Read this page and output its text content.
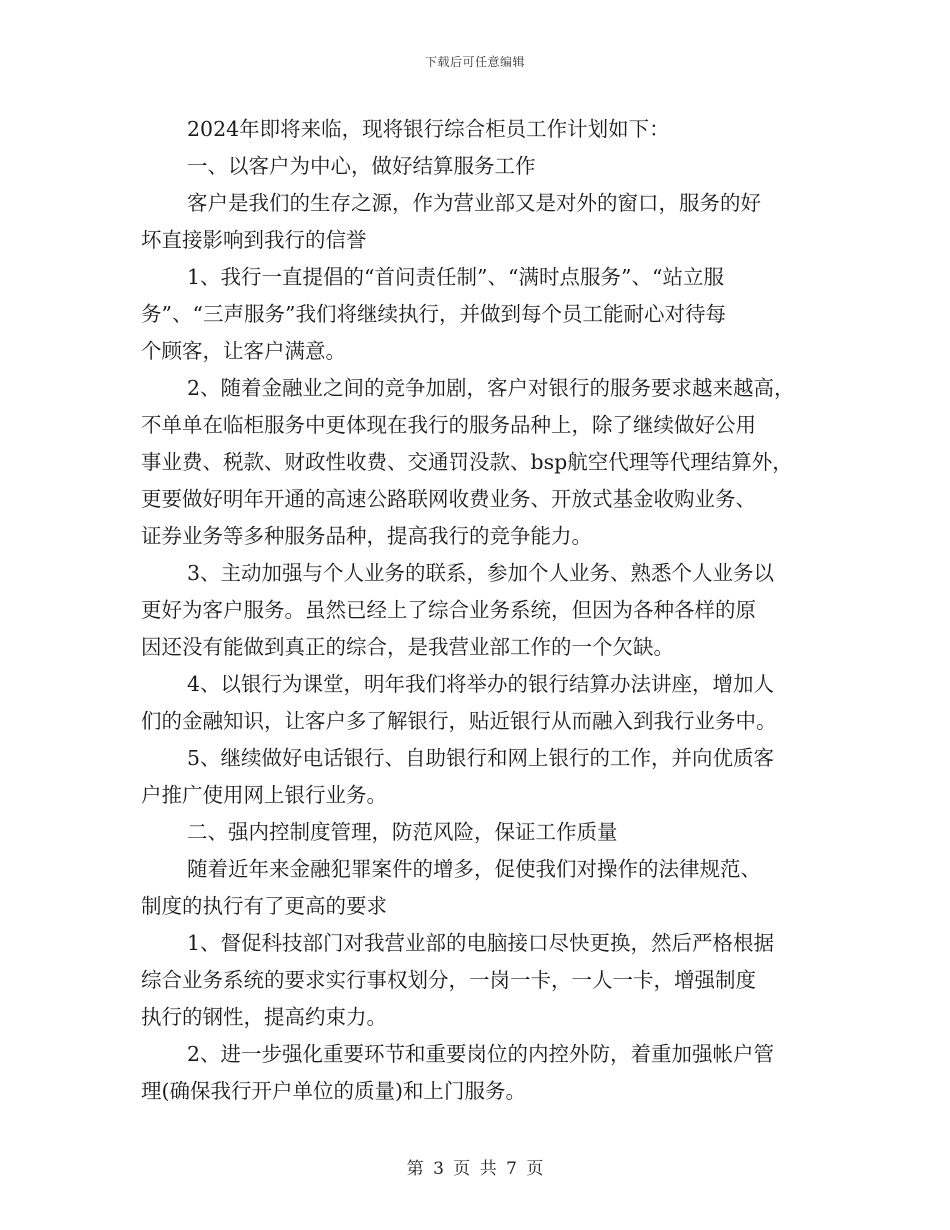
下载后可任意编辑
2024年即将来临，现将银行综合柜员工作计划如下：
一、以客户为中心，做好结算服务工作
客户是我们的生存之源，作为营业部又是对外的窗口，服务的好
坏直接影响到我行的信誉
1、我行一直提倡的“首问责任制”、“满时点服务”、“站立服
务”、“三声服务”我们将继续执行，并做到每个员工能耐心对待每
个顾客，让客户满意。
2、随着金融业之间的竞争加剧，客户对银行的服务要求越来越高，
不单单在临柜服务中更体现在我行的服务品种上，除了继续做好公用
事业费、税款、财政性收费、交通罚没款、bsp航空代理等代理结算外，
更要做好明年开通的高速公路联网收费业务、开放式基金收购业务、
证券业务等多种服务品种，提高我行的竞争能力。
3、主动加强与个人业务的联系，参加个人业务、熟悉个人业务以
更好为客户服务。虽然已经上了综合业务系统，但因为各种各样的原
因还没有能做到真正的综合，是我营业部工作的一个欠缺。
4、以银行为课堂，明年我们将举办的银行结算办法讲座，增加人
们的金融知识，让客户多了解银行，贴近银行从而融入到我行业务中。
5、继续做好电话银行、自助银行和网上银行的工作，并向优质客
户推广使用网上银行业务。
二、强内控制度管理，防范风险，保证工作质量
随着近年来金融犯罪案件的增多，促使我们对操作的法律规范、
制度的执行有了更高的要求
1、督促科技部门对我营业部的电脑接口尽快更换，然后严格根据
综合业务系统的要求实行事权划分，一岗一卡，一人一卡，增强制度
执行的钢性，提高约束力。
2、进一步强化重要环节和重要岗位的内控外防，着重加强帐户管
理(确保我行开户单位的质量)和上门服务。
第 3 页 共 7 页
